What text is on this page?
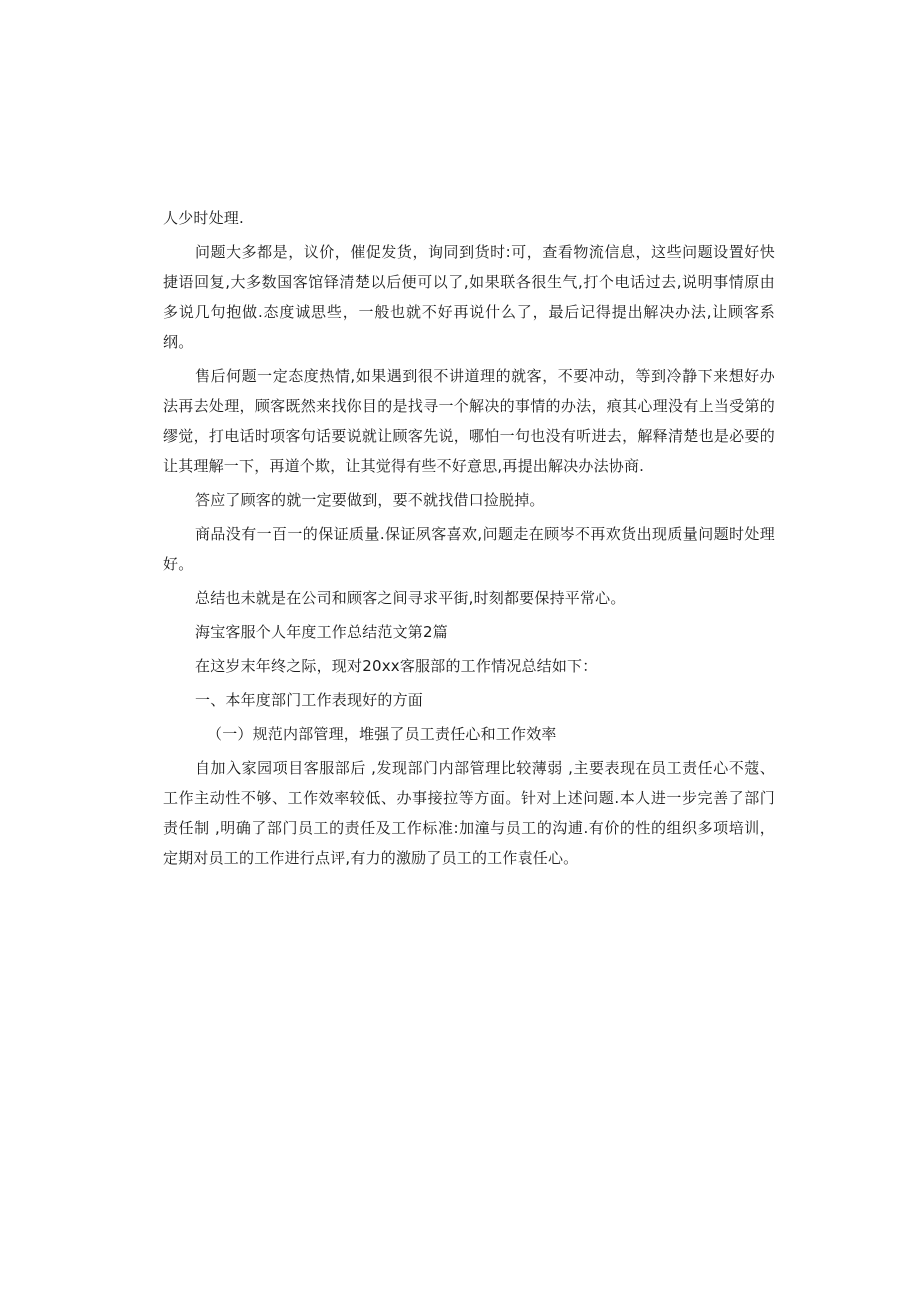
人少时处理.

问题大多都是，议价，催促发货，询同到货时:可，查看物流信息，这些问题设置好快捷语回复,大多数国客馆铎清楚以后便可以了,如果联各很生气,打个电话过去,说明事情原由多说几句抱做.态度诚思些，一般也就不好再说什么了，最后记得提出解决办法,让顾客系纲。

售后何题一定态度热情,如果遇到很不讲道理的就客，不要冲动，等到冷静下来想好办法再去处理，顾客既然来找你目的是找寻一个解决的事情的办法，痕其心理没有上当受第的缪觉，打电话时项客句话要说就让顾客先说，哪怕一句也没有听进去，解释清楚也是必要的让其理解一下，再道个欺，让其觉得有些不好意思,再提出解决办法协商.

答应了顾客的就一定要做到，要不就找借口捡脱掉。

商品没有一百一的保证质量.保证夙客喜欢,问题走在顾岑不再欢货出现质量问题时处理好。

总结也未就是在公司和顾客之间寻求平街,时刻都要保持平常心。

海宝客服个人年度工作总结范文第2篇

在这岁末年终之际，现对20xx客服部的工作情况总结如下：

一、本年度部门工作表现好的方面

（一）规范内部管理，堆强了员工责任心和工作效率

自加入家园项目客服部后 ,发现部门内部管理比较薄弱 ,主要表现在员工责任心不蔻、工作主动性不够、工作效率较低、办事接拉等方面。针对上述问题.本人进一步完善了部门责任制 ,明确了部门员工的责任及工作标准:加潼与员工的沟逋.有价的性的组织多项培训，定期对员工的工作进行点评,有力的激励了员工的工作袁任心。
